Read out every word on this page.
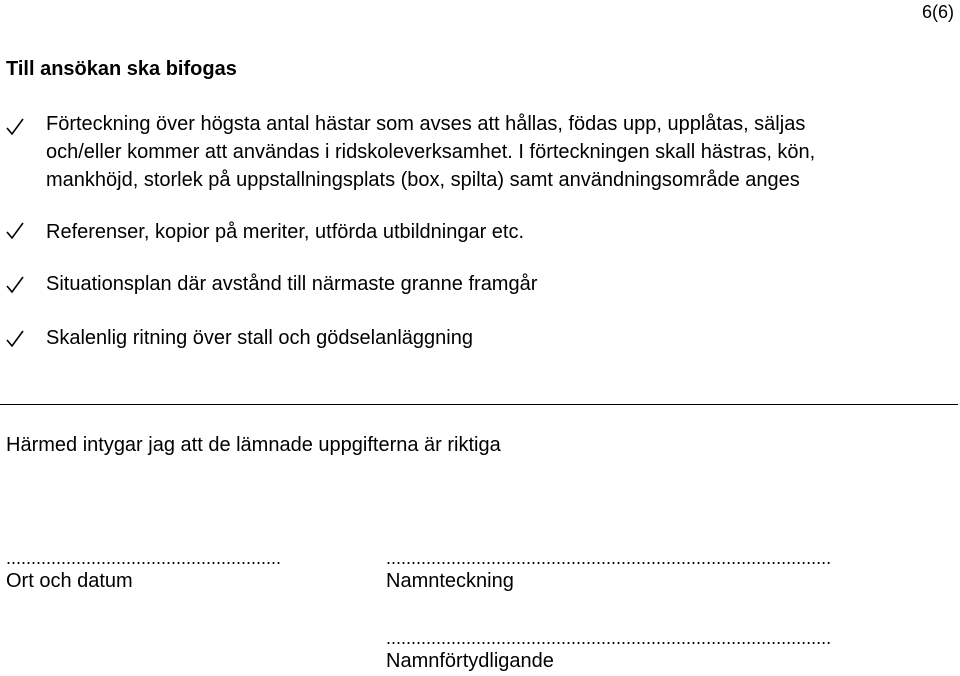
6(6)
Till ansökan ska bifogas
Förteckning över högsta antal hästar som avses att hållas, födas upp, upplåtas, säljas
och/eller kommer att användas i ridskoleverksamhet. I förteckningen skall hästras, kön,
mankhöjd, storlek på uppstallningsplats (box, spilta) samt användningsområde anges
Referenser, kopior på meriter, utförda utbildningar etc.
Situationsplan där avstånd till närmaste granne framgår
Skalenlig ritning över stall och gödselanläggning
Härmed intygar jag att de lämnade uppgifterna är riktiga
.......................................................
Ort och datum
.........................................................................................
Namnteckning
.........................................................................................
Namnförtydligande
